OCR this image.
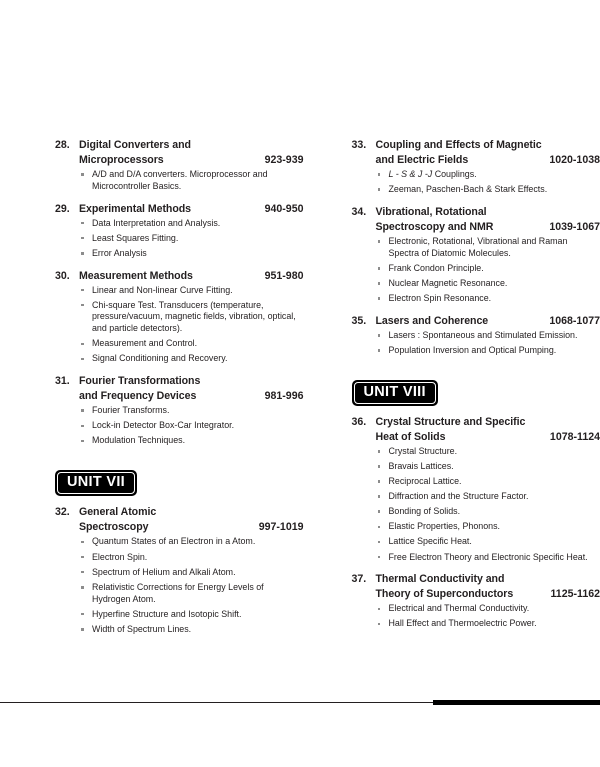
28. Digital Converters and
Microprocessors	923-939
A/D and D/A converters. Microprocessor and Microcontroller Basics.
29. Experimental Methods	940-950
Data Interpretation and Analysis.
Least Squares Fitting.
Error Analysis
30. Measurement Methods	951-980
Linear and Non-linear Curve Fitting.
Chi-square Test. Transducers (temperature, pressure/vacuum, magnetic fields, vibration, optical, and particle detectors).
Measurement and Control.
Signal Conditioning and Recovery.
31. Fourier Transformations
and Frequency Devices	981-996
Fourier Transforms.
Lock-in Detector Box-Car Integrator.
Modulation Techniques.
UNIT VII
32. General Atomic
Spectroscopy	997-1019
Quantum States of an Electron in a Atom.
Electron Spin.
Spectrum of Helium and Alkali Atom.
Relativistic Corrections for Energy Levels of Hydrogen Atom.
Hyperfine Structure and Isotopic Shift.
Width of Spectrum Lines.
33. Coupling and Effects of Magnetic
and Electric Fields	1020-1038
L - S & J -J Couplings.
Zeeman, Paschen-Bach & Stark Effects.
34. Vibrational, Rotational
Spectroscopy and NMR	1039-1067
Electronic, Rotational, Vibrational and Raman Spectra of Diatomic Molecules.
Frank Condon Principle.
Nuclear Magnetic Resonance.
Electron Spin Resonance.
35. Lasers and Coherence	1068-1077
Lasers : Spontaneous and Stimulated Emission.
Population Inversion and Optical Pumping.
UNIT VIII
36. Crystal Structure and Specific
Heat of Solids	1078-1124
Crystal Structure.
Bravais Lattices.
Reciprocal Lattice.
Diffraction and the Structure Factor.
Bonding of Solids.
Elastic Properties, Phonons.
Lattice Specific Heat.
Free Electron Theory and Electronic Specific Heat.
37. Thermal Conductivity and
Theory of Superconductors	1125-1162
Electrical and Thermal Conductivity.
Hall Effect and Thermoelectric Power.
